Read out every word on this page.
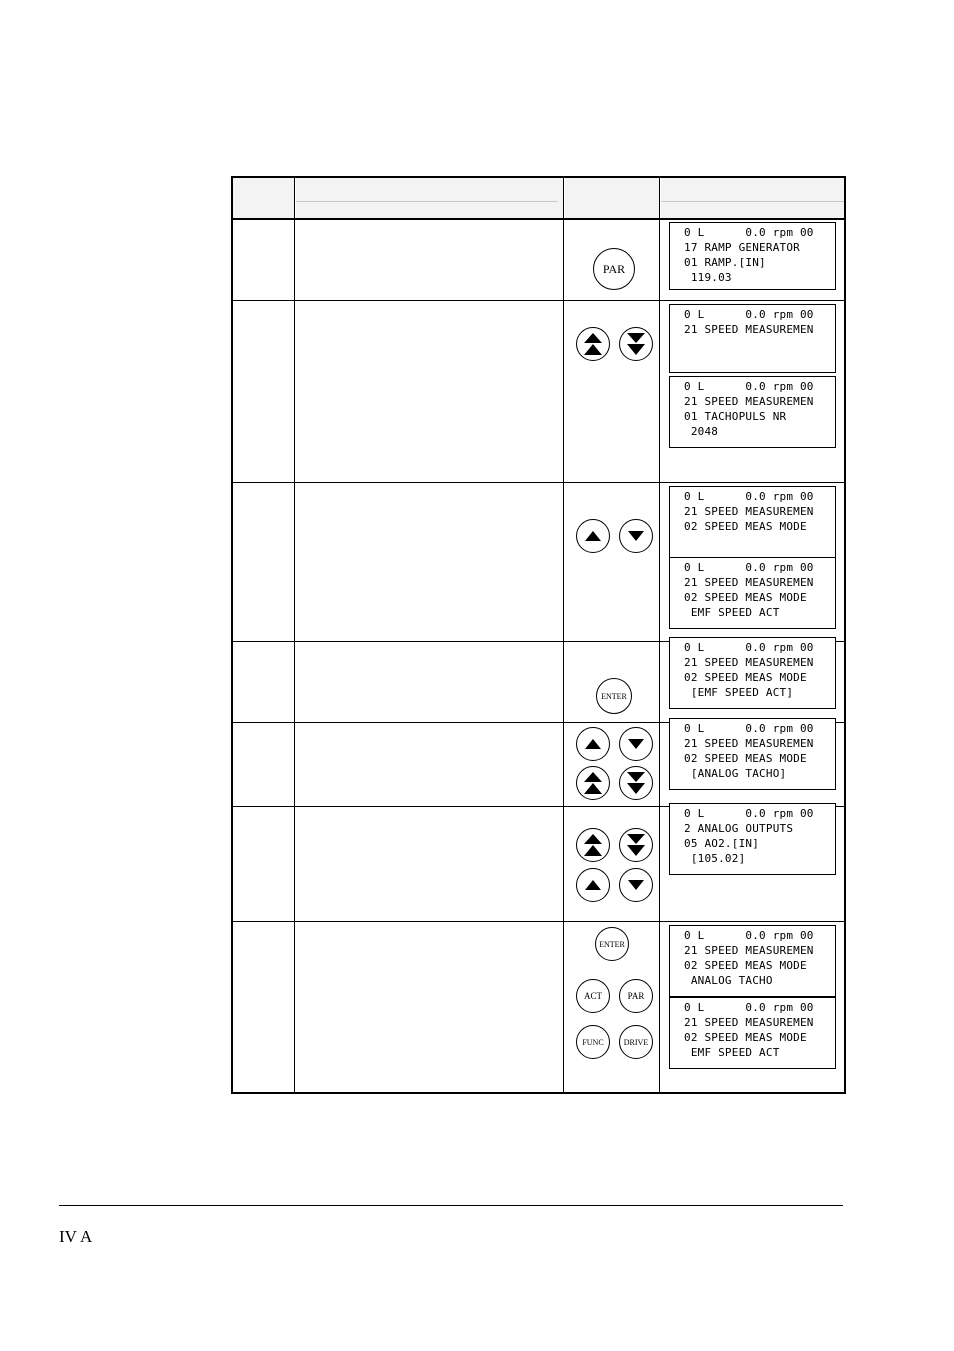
0 L      0.0 rpm 00
17 RAMP GENERATOR
01 RAMP.[IN]
119.03
0 L      0.0 rpm 00
21 SPEED MEASUREMEN
0 L      0.0 rpm 00
21 SPEED MEASUREMEN
01 TACHOPULS NR
2048
0 L      0.0 rpm 00
21 SPEED MEASUREMEN
02 SPEED MEAS MODE
0 L      0.0 rpm 00
21 SPEED MEASUREMEN
02 SPEED MEAS MODE
EMF SPEED ACT
0 L      0.0 rpm 00
21 SPEED MEASUREMEN
02 SPEED MEAS MODE
[EMF SPEED ACT]
0 L      0.0 rpm 00
21 SPEED MEASUREMEN
02 SPEED MEAS MODE
[ANALOG TACHO]
0 L      0.0 rpm 00
2 ANALOG OUTPUTS
05 AO2.[IN]
[105.02]
0 L      0.0 rpm 00
21 SPEED MEASUREMEN
02 SPEED MEAS MODE
ANALOG TACHO
0 L      0.0 rpm 00
21 SPEED MEASUREMEN
02 SPEED MEAS MODE
EMF SPEED ACT
PAR
ENTER
ENTER
ACT	PAR
FUNC	DRIVE
IV A
